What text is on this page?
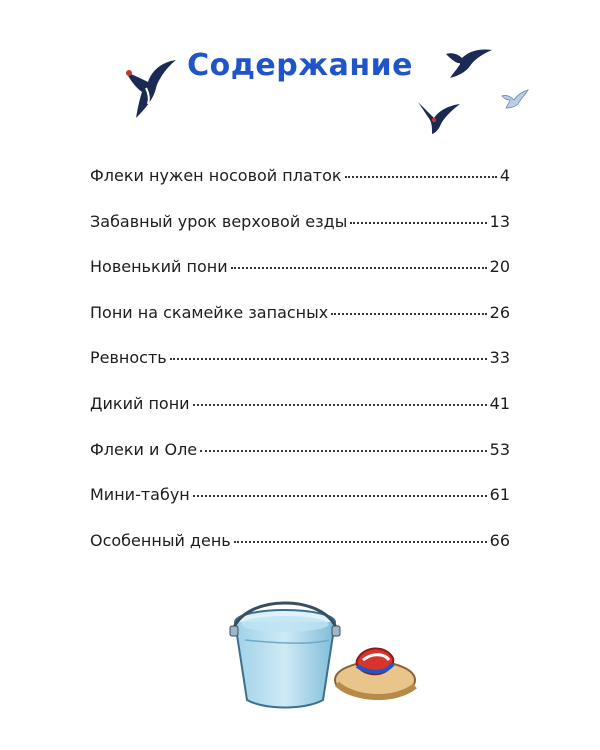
Содержание
Флеки нужен носовой платок	4
Забавный урок верховой езды	13
Новенький пони	20
Пони на скамейке запасных	26
Ревность	33
Дикий пони	41
Флеки и Оле	53
Мини-табун	61
Особенный день	66
